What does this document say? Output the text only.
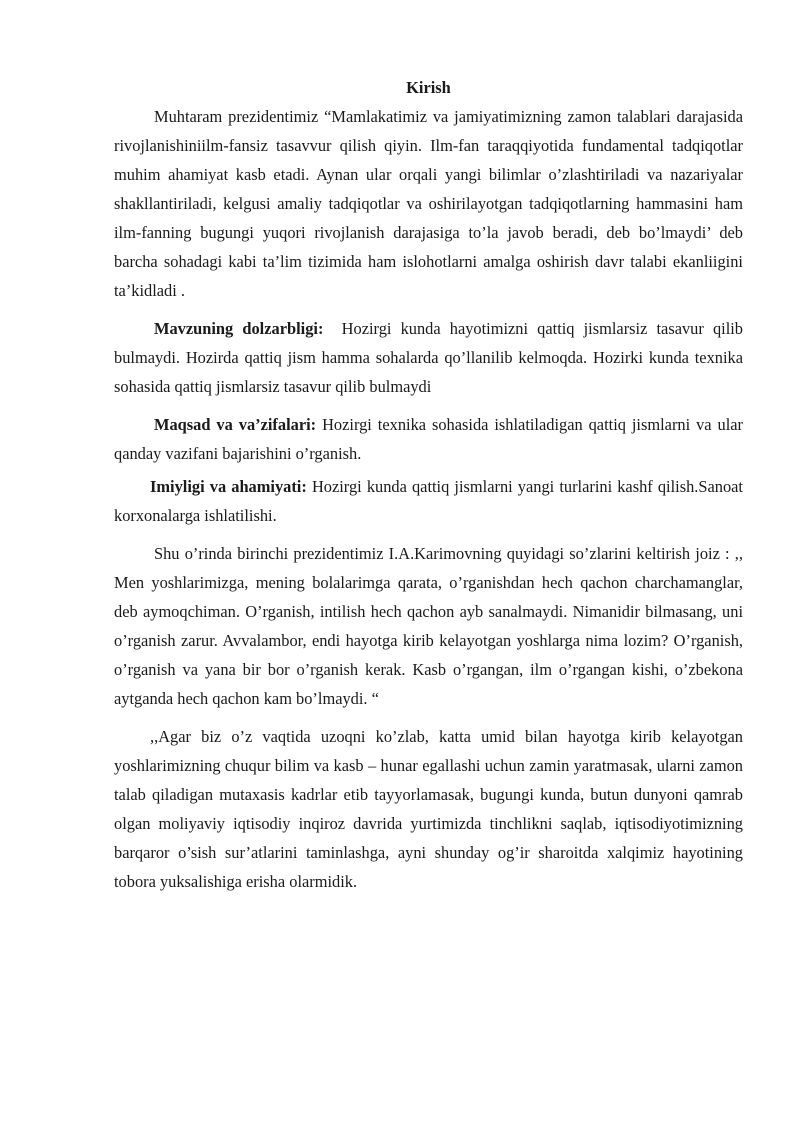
Kirish

Muhtaram prezidentimiz “Mamlakatimiz va jamiyatimizning zamon talablari darajasida rivojlanishiniilm-fansiz tasavvur qilish qiyin. Ilm-fan taraqqiyotida fundamental tadqiqotlar muhim ahamiyat kasb etadi. Aynan ular orqali yangi bilimlar o’zlashtiriladi va nazariyalar shakllantiriladi, kelgusi amaliy tadqiqotlar va oshirilayotgan tadqiqotlarning hammasini ham ilm-fanning bugungi yuqori rivojlanish darajasiga to’la javob beradi, deb bo’lmaydi’ deb barcha sohadagi kabi ta’lim tizimida ham islohotlarni amalga oshirish davr talabi ekanliigini ta’kidladi .

Mavzuning dolzarbligi: Hozirgi kunda hayotimizni qattiq jismlarsiz tasavur qilib bulmaydi. Hozirda qattiq jism hamma sohalarda qo’llanilib kelmoqda. Hozirki kunda texnika sohasida qattiq jismlarsiz tasavur qilib bulmaydi

Maqsad va va’zifalari: Hozirgi texnika sohasida ishlatiladigan qattiq jismlarni va ular qanday vazifani bajarishini o’rganish.

Imiyligi va ahamiyati: Hozirgi kunda qattiq jismlarni yangi turlarini kashf qilish.Sanoat korxonalarga ishlatilishi.

Shu o’rinda birinchi prezidentimiz I.A.Karimovning quyidagi so’zlarini keltirish joiz : ,, Men yoshlarimizga, mening bolalarimga qarata, o’rganishdan hech qachon charchamanglar, deb aymoqchiman. O’rganish, intilish hech qachon ayb sanalmaydi. Nimanidir bilmasang, uni o’rganish zarur. Avvalambor, endi hayotga kirib kelayotgan yoshlarga nima lozim? O’rganish, o’rganish va yana bir bor o’rganish kerak. Kasb o’rgangan, ilm o’rgangan kishi, o’zbekona aytganda hech qachon kam bo’lmaydi. “

,,Agar biz o’z vaqtida uzoqni ko’zlab, katta umid bilan hayotga kirib kelayotgan yoshlarimizning chuqur bilim va kasb – hunar egallashi uchun zamin yaratmasak, ularni zamon talab qiladigan mutaxasis kadrlar etib tayyorlamasak, bugungi kunda, butun dunyoni qamrab olgan moliyaviy iqtisodiy inqiroz davrida yurtimizda tinchlikni saqlab, iqtisodiyotimizning barqaror o’sish sur’atlarini taminlashga, ayni shunday og’ir sharoitda xalqimiz hayotining tobora yuksalishiga erisha olarmidik.
